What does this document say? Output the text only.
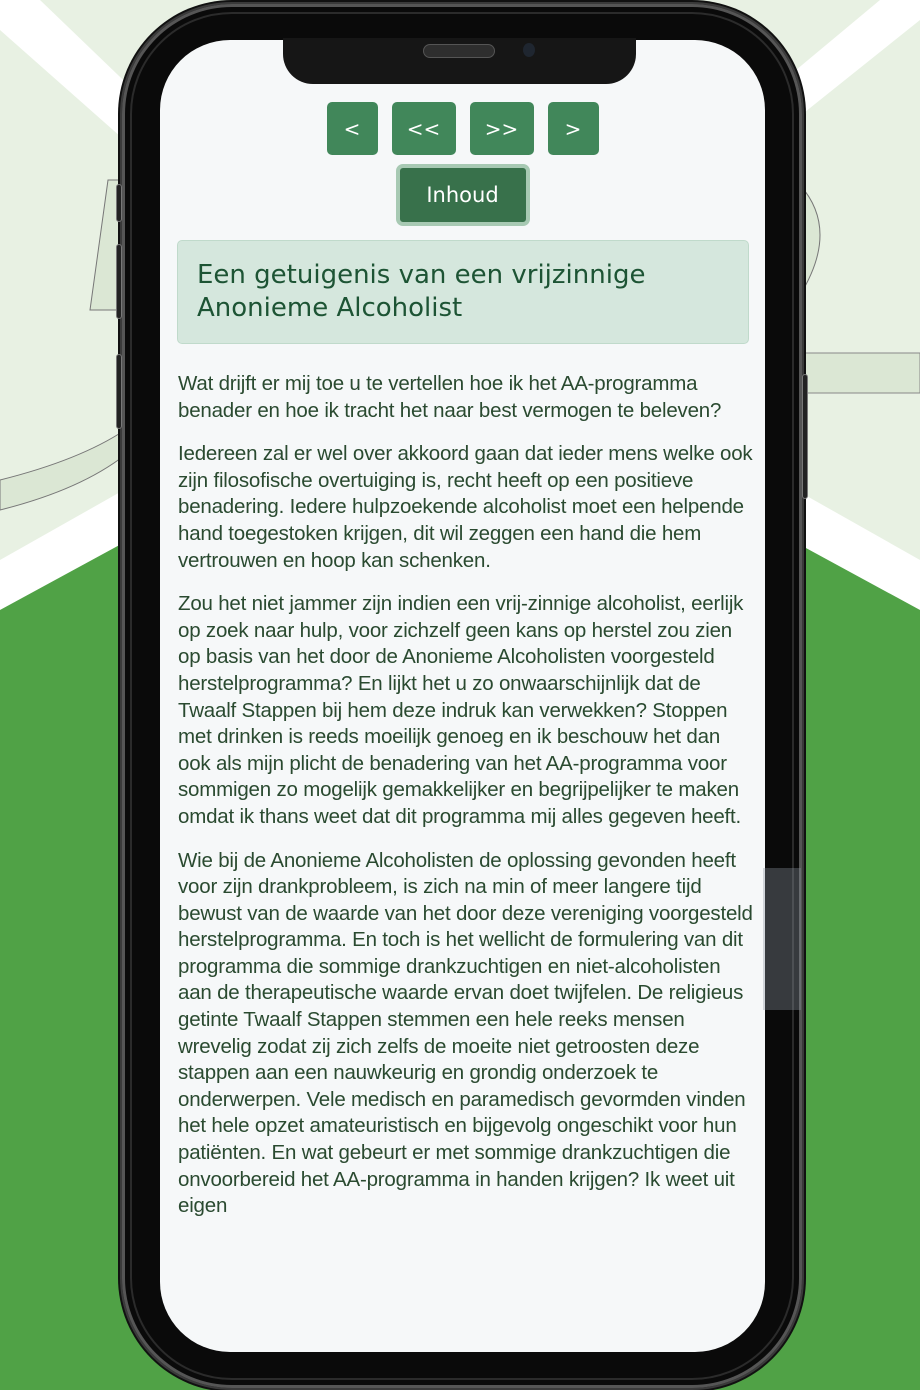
<	<<	>>	>
Inhoud
Een getuigenis van een vrijzinnige Anonieme Alcoholist

Wat drijft er mij toe u te vertellen hoe ik het AA-programma benader en hoe ik tracht het naar best vermogen te beleven?

Iedereen zal er wel over akkoord gaan dat ieder mens welke ook zijn filosofische overtuiging is, recht heeft op een positieve benadering. Iedere hulpzoekende alcoholist moet een helpende hand toegestoken krijgen, dit wil zeggen een hand die hem vertrouwen en hoop kan schenken.

Zou het niet jammer zijn indien een vrij-zinnige alcoholist, eerlijk op zoek naar hulp, voor zichzelf geen kans op herstel zou zien op basis van het door de Anonieme Alcoholisten voorgesteld herstelprogramma? En lijkt het u zo onwaarschijnlijk dat de Twaalf Stappen bij hem deze indruk kan verwekken? Stoppen met drinken is reeds moeilijk genoeg en ik beschouw het dan ook als mijn plicht de benadering van het AA-programma voor sommigen zo mogelijk gemakkelijker en begrijpelijker te maken omdat ik thans weet dat dit programma mij alles gegeven heeft.

Wie bij de Anonieme Alcoholisten de oplossing gevonden heeft voor zijn drankprobleem, is zich na min of meer langere tijd bewust van de waarde van het door deze vereniging voorgesteld herstelprogramma. En toch is het wellicht de formulering van dit programma die sommige drankzuchtigen en niet-alcoholisten aan de therapeutische waarde ervan doet twijfelen. De religieus getinte Twaalf Stappen stemmen een hele reeks mensen wrevelig zodat zij zich zelfs de moeite niet getroosten deze stappen aan een nauwkeurig en grondig onderzoek te onderwerpen. Vele medisch en paramedisch gevormden vinden het hele opzet amateuristisch en bijgevolg ongeschikt voor hun patiënten. En wat gebeurt er met sommige drankzuchtigen die onvoorbereid het AA-programma in handen krijgen? Ik weet uit eigen
